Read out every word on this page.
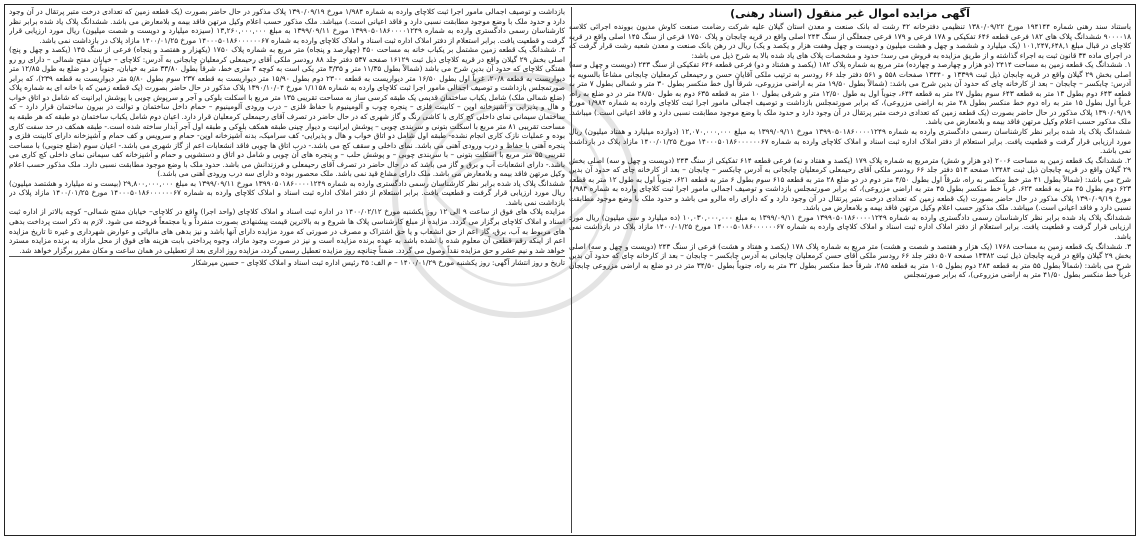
آگهی مزایده اموال غیر منقول (اسناد رهنی)

باستناد سند رهنی شماره ۱۹۴۱۴۴ مورخ ۱۳۸۰/۰۹/۲۲ تنظیمی دفترخانه ۴۲ رشت له بانک صنعت و معدن استان گیلان علیه شرکت رضامت صنعت کاوش مدیون بوونده اجرائی کلاسه ۹۰۰۰۰۱۸ ششدانگ پلاک های ۱۸۲ فرعی قطعه ۶۴۶ تفکیکی و ۱۷۸ فرعی و ۱۷۹ فرعی جمعلگی از سنگ ۲۴۳ اصلی واقع در قریه چابجان و پلاک ۱۷۵۰ فرعی از سنگ ۱۴۵ اصلی واقع در قریه کلاچای در قبال مبلغ ۱۰۱,۲۴۷,۶۴۸,۱ (یک میلیارد و ششصد و چهل و هشت میلیون و دویست و چهل وهفت هزار و یکصد و یک) ریال در رهن بانک صنعت و معدن شعبه رشت قرار گرفت که در اجرای ماده ۳۴ قانون ثبت به اجراء گذاشته و از طریق مزایده به فروش می رسد؛ حدود و مشخصات پلاک های یاد شده بالا به شرح ذیل می باشد:

۱. ششدانگ یک قطعه زمین به مساحت ۲۴۱۴ (دو هزار و چهارصد و چهارده) متر مربع به شماره پلاک ۱۸۲ (یکصد و هشتاد و دو) فرعی قطعه ۶۴۶ تفکیکی از سنگ ۲۴۳ (دویست و چهل و سه) اصلی بخش ۲۹ گیلان واقع در قریه چابجان ذیل ثبت ۱۳۳۹۹ و ۱۳۴۴۰ صفحات ۵۵۸ و ۵۶۱ دفتر جلد ۶۶ رودسر به ترتیب ملکی آقایان حسن و رحیمعلی کرمعلیان چابجانی مشاعاً بالسویه به آدرس: چابکسر – چابجان – بعد از کارخانه چای که حدود آن بدین شرح می باشد: (شمالاً بطول ۱۹/۵۰ متر به اراضی مزروعی، شرقاً اول خط منکسر بطول ۳۰ متر و شمالی بطول ۷ متر به قطعه ۶۴۳ دوم بطول ۱۳ متر به قطعه ۶۴۳ سوم بطول ۲۷ متر به قطعه ۶۴۴، جنوباً اول به طول ۱۲/۵۰ متر و شرقی بطول ۱۰ متر به قطعه ۶۳۵ دوم به طول ۲۸/۵۰ متر در دو ضلع به راه، غرباً اول بطول ۱۵ متر به راه دوم خط منکسر بطول ۴۸ متر به اراضی مزروعی)، که برابر صورتمجلس بازداشت و توصیف اجمالی مامور اجرا ثبت کلاچای وارده به شماره ۱/۹۸۴ مورخ ۱۳۹۰/۰۹/۱۹ پلاک مذکور در حال حاضر بصورت (یک قطعه زمین که تعدادی درخت متبر پرتقال در آن وجود دارد و حدود ملک با وضع موجود مطابقت نسبی دارد و فاقد اعیانی است.) میباشد. ملک مذکور حسب اعلام وکیل مرتهن فاقد بیمه و بلامعارض می باشد.

ششدانگ پلاک یاد شده برابر نظر کارشناسان رسمی دادگستری وارده به شماره ۱۳۹۹۰۵۰۱۸۶۰۰۰۰۱۲۴۹ مورخ ۱۳۹۹/۰۹/۱۱ به مبلغ ۱۲,۰۷۰,۰۰۰,۰۰۰ (دوازده میلیارد و هفتاد میلیون) ریال مورد ارزیابی قرار گرفت و قطعیت یافت. برابر استعلام از دفتر املاک اداره ثبت اسناد و املاک کلاچای وارده به شماره ۱۴۰۰۰۵۰۱۸۶۰۰۰۰۰۰۶۷ مورخ ۱۴۰۰/۰۱/۲۵ مازاد پلاک در بازداشت نمی باشد.

۲. ششدانگ یک قطعه زمین به مساحت ۲۰۰۶ (دو هزار و شش) مترمربع به شماره پلاک ۱۷۹ (یکصد و هفتاد و نه) فرعی قطعه ۶۱۴ تفکیکی از سنگ ۲۴۳ (دویست و چهل و سه) اصلی بخش ۲۹ گیلان واقع در قریه چابجان ذیل ثبت ۱۳۴۸۴ صفحه ۵۱۳ دفتر جلد ۶۶ رودسر ملکی آقای رحیمعلی کرمعلیان چابجانی به آدرس چابکسر – چابجان – بعد از کارخانه چای که حدود آن بدین شرح می باشد: (شمالاً بطول ۴۱ متر خط منکسر به راه، شرقاً اول بطول ۴/۵۰ متر دوم در دو ضلع ۲۸ متر به قطعه ۶۱۵ سوم بطول ۶ متر به قطعه ۶۲۱، جنوباً اول به طول ۱۲ متر به قطعه ۶۲۳ دوم بطول ۴۵ متر به قطعه ۶۲۴، غرباً خط منکسر بطول ۴۵ متر به اراضی مزروعی)، که برابر صورتمجلس بازداشت و توصیف اجمالی مامور اجرا ثبت کلاچای وارده به شماره ۱/۹۸۴ مورخ ۱۳۹۰/۰۹/۱۹ پلاک مذکور در حال حاضر بصورت (یک قطعه زمین که تعدادی درخت متبر پرتقال در آن وجود دارد و که دارای راه مالرو می باشد و حدود ملک با وضع موجود مطابقت نسبی دارد و فاقد اعیانی است.) میباشد. ملک مذکور حسب اعلام وکیل مرتهن فاقد بیمه و بلامعارض می باشد.

ششدانگ پلاک یاد شده برابر نظر کارشناسان رسمی دادگستری وارده به شماره ۱۳۹۹۰۵۰۱۸۶۰۰۰۰۱۲۴۹ مورخ ۱۳۹۹/۰۹/۱۱ به مبلغ ۱۰,۰۳۰,۰۰۰,۰۰۰ (ده میلیارد و سی میلیون) ریال مورد ارزیابی قرار گرفت و قطعیت یافت. برابر استعلام از دفتر املاک اداره ثبت اسناد و املاک کلاچای وارده به شماره ۱۴۰۰۰۵۰۱۸۶۰۰۰۰۰۰۶۷ مورخ ۱۴۰۰/۰۱/۲۵ مازاد پلاک در بازداشت نمی باشد.

۳. ششدانگ یک قطعه زمین به مساحت ۱۷۶۸ (یک هزار و هفتصد و شصت و هشت) متر مربع به شماره پلاک ۱۷۸ (یکصد و هفتاد و هشت) فرعی از سنگ ۲۴۳ (دویست و چهل و سه) اصلی بخش ۲۹ گیلان واقع در قریه چابجان ذیل ثبت ۱۳۳۸۲ صفحه ۵۰۷ دفتر جلد ۶۶ رودسر ملکی آقای حسن کرمعلیان چابجانی به آدرس چابکسر – چابجان – بعد از کارخانه چای که حدود آن بدین شرح می باشد: (شمالاً بطول ۵۵ متر به قطعه ۲۸۴ دوم بطول ۱۰۵ متر به قطعه ۲۸۵، شرقاً خط منکسر بطول ۳۲ متر به راه، جنوباً بطول ۳۴/۵۰ متر در دو ضلع به اراضی مزروعی چابجان غرباً خط منکسر بطول ۴۱/۵۰ متر به اراضی مزروعی)، که برابر صورتمجلس

بازداشت و توصیف اجمالی مامور اجرا ثبت کلاچای وارده به شماره ۱/۹۸۴ مورخ ۱۳۹۰/۰۹/۱۹ پلاک مذکور در حال حاضر بصورت (یک قطعه زمین که تعدادی درخت متبر پرتقال در آن وجود دارد و حدود ملک با وضع موجود مطابقت نسبی دارد و فاقد اعیانی است.) میباشد. ملک مذکور حسب اعلام وکیل مرتهن فاقد بیمه و بلامعارض می باشد. ششدانگ پلاک یاد شده برابر نظر کارشناسان رسمی دادگستری وارده به شماره ۱۳۹۹۰۵۰۱۸۶۰۰۰۰۱۲۴۹ مورخ ۱۳۹۹/۰۹/۱۱ به مبلغ ۱۳,۲۶۰,۰۰۰,۰۰۰ (سیزده میلیارد و دویست و شصت میلیون) ریال مورد ارزیابی قرار گرفت و قطعیت یافت. برابر استعلام از دفتر املاک اداره ثبت اسناد و املاک کلاچای وارده به شماره ۱۴۰۰۰۵۰۱۸۶۰۰۰۰۰۰۶۷ مورخ ۱۴۰۰/۰۱/۲۵ مازاد پلاک در بازداشت نمی باشد.

۴. ششدانگ یک قطعه زمین مشتمل بر یکباب خانه به مساحت ۴۵۰ (چهارصد و پنجاه) متر مربع به شماره پلاک ۱۷۵۰ (یکهزار و هفتصد و پنجاه) فرعی از سنگ ۱۴۵ (یکصد و چهل و پنج) اصلی بخش ۲۹ گیلان واقع در قریه کلاچای ذیل ثبت ۱۶۱۲۹ صفحه ۵۳۷ دفتر جلد ۸۸ رودسر ملکی آقای رحیمعلی کرمعلیان چابجانی به آدرس: کلاچای – خیابان مفتح شمالی – دارای رو رو هفتگی کلاچای که حدود آن بدین شرح می باشد (شمالاً بطول ۱۱/۳۵ متر و ۳/۳۵ متر یکی است به کوچه ۴ متری خط، شرقاً بطول ۳۳/۸۰ متر به خیابان، جنوباً در دو ضلع به طول ۱۲/۸۵ متر دیواریست به قطعه ۲۰/۸، غرباً اول بطول ۱۶/۵۰ متر دیواریست به قطعه ۲۳۰۰ دوم بطول ۱۵/۹۰ متر دیواریست به قطعه ۲۳۷ سوم بطول ۵/۸۰ متر دیواریست به قطعه ۲۳۹)، که برابر صورتمجلس بازداشت و توصیف اجمالی مامور اجرا ثبت کلاچای وارده به شماره ۱/۱۱۵۸ مورخ ۱۳۹۰/۱۰/۰۴ پلاک مذکور در حال حاضر بصورت (یک قطعه زمین که با خانه ای به شماره پلاک (ضلع شمالی ملک) شامل یکباب ساختمان قدیمی یک طبقه کرسی ساز به مساحت تقریبی ۱۳۵ متر مربع با اسکلت بلوکی و آجر و سرپوش چوبی با پوشش ایرانیت که شامل دو اتاق خواب و هال و پذیرایی و آشپزخانه اوپن – کابینت فلزی – پنجره چوب و آلومینیوم با حفاظ فلزی – درب ورودی آلومینیوم – حمام داخل ساختمان و توالت در بیرون ساختمان قرار دارد – که ساختمان سیمانی نمای داخلی کج کاری با کاشی رنگ و گاز شهری که در حال حاضر در تصرف آقای رحیمعلی کرمعلیان قرار دارد. اعیان دوم شامل یکباب ساختمان دو طبقه که هر طبقه به مساحت تقریبی ۸۱ متر مربع با اسکلت بتونی و سربندی چوبی – پوشش ایرانیت و دیوار چینی طبقه همکف بلوکی و طبقه اول آجر آبدار ساخته شده است.- طبقه همکف در حد سفت کاری بوده و عملیات نازک کاری انجام نشده- طبقه اول شامل دو اتاق خواب و هال و پذیرایی- کف سرامیک، بدنه آشپزخانه اوپن- حمام و سرویس و کف حمام و آشپزخانه دارای کابینت فلزی و پنجره آهنی با حفاظ و درب ورودی آهنی می باشد. نمای داخلی و سقف کج می باشد.- درب اتاق ها چوبی فاقد انشعابات اعم از گاز شهری می باشد.- اعیان سوم (ضلع جنوبی) با مساحت تقریبی ۵۵ متر مربع با اسکلت بتونی – با سربندی چوبی – و پوشش حلب – و پنجره های آن چوبی و شامل دو اتاق و دستشویی و حمام و آشپزخانه کف سیمانی نمای داخلی کج کاری می باشد.- دارای انشعابات آب و برق و گاز می باشد که در حال حاضر در تصرف آقای رحیمعلی و فرزندانش می باشد. حدود ملک با وضع موجود مطابقت نسبی دارد. ملک مذکور حسب اعلام وکیل مرتهن فاقد بیمه و بلامعارض می باشد. ملک دارای مشاع قید نمی باشد. ملک محصور بوده و دارای سه درب ورودی آهنی می باشد.)

ششدانگ پلاک یاد شده برابر نظر کارشناسان رسمی دادگستری وارده به شماره ۱۳۹۹۰۵۰۱۸۶۰۰۰۰۱۲۴۹ مورخ ۱۳۹۹/۰۹/۱۱ به مبلغ ۲۹,۸۰۰,۰۰۰,۰۰۰ (بیست و نه میلیارد و هشتصد میلیون) ریال مورد ارزیابی قرار گرفت و قطعیت یافت. برابر استعلام از دفتر املاک اداره ثبت اسناد و املاک کلاچای وارده به شماره ۱۴۰۰۰۵۰۱۸۶۰۰۰۰۰۰۶۷ مورخ ۱۴۰۰/۰۱/۲۵ مازاد پلاک در بازداشت نمی باشد.

مزایده پلاک های فوق از ساعت ۹ الی ۱۲ روز یکشنبه مورخ ۱۴۰۰/۰۲/۱۲ در اداره ثبت اسناد و املاک کلاچای (واحد اجرا) واقع در کلاچای– خیابان مفتح شمالی– کوچه بالاتر از اداره ثبت اسناد و املاک کلاچای برگزار می گردد. مزایده از مبلغ کارشناسی پلاک ها شروع و به بالاترین قیمت پیشنهادی بصورت منفرداً و یا مجتمعاً فروخته می شود. لازم به ذکر است پرداخت بدهی های مربوط به آب، برق، گاز اعم از حق انشعاب و یا حق اشتراک و مصرف در صورتی که مورد مزایده دارای آنها باشد و نیز بدهی های مالیاتی و عوارض شهرداری و غیره تا تاریخ مزایده اعم از اینکه رقم قطعی آن معلوم شده یا نشده باشد به عهده برنده مزایده است و نیز در صورت وجود مازاد، وجوه پرداختی بابت هزینه های فوق از محل مازاد به برنده مزایده مسترد خواهد شد و نیم عشر و حق مزایده نقداً وصول می گردد. ضمناً چنانچه روز مزایده تعطیل رسمی گردد، مزایده روز اداری بعد از تعطیلی در همان ساعت و مکان مقرر برگزار خواهد شد.

تاریخ و روز انتشار آگهی: روز یکشنبه مورخ ۱۴۰۰/۰۱/۲۹ – م الف: ۴۵ رئیس اداره ثبت اسناد و املاک کلاچای – حسین میرشکار
